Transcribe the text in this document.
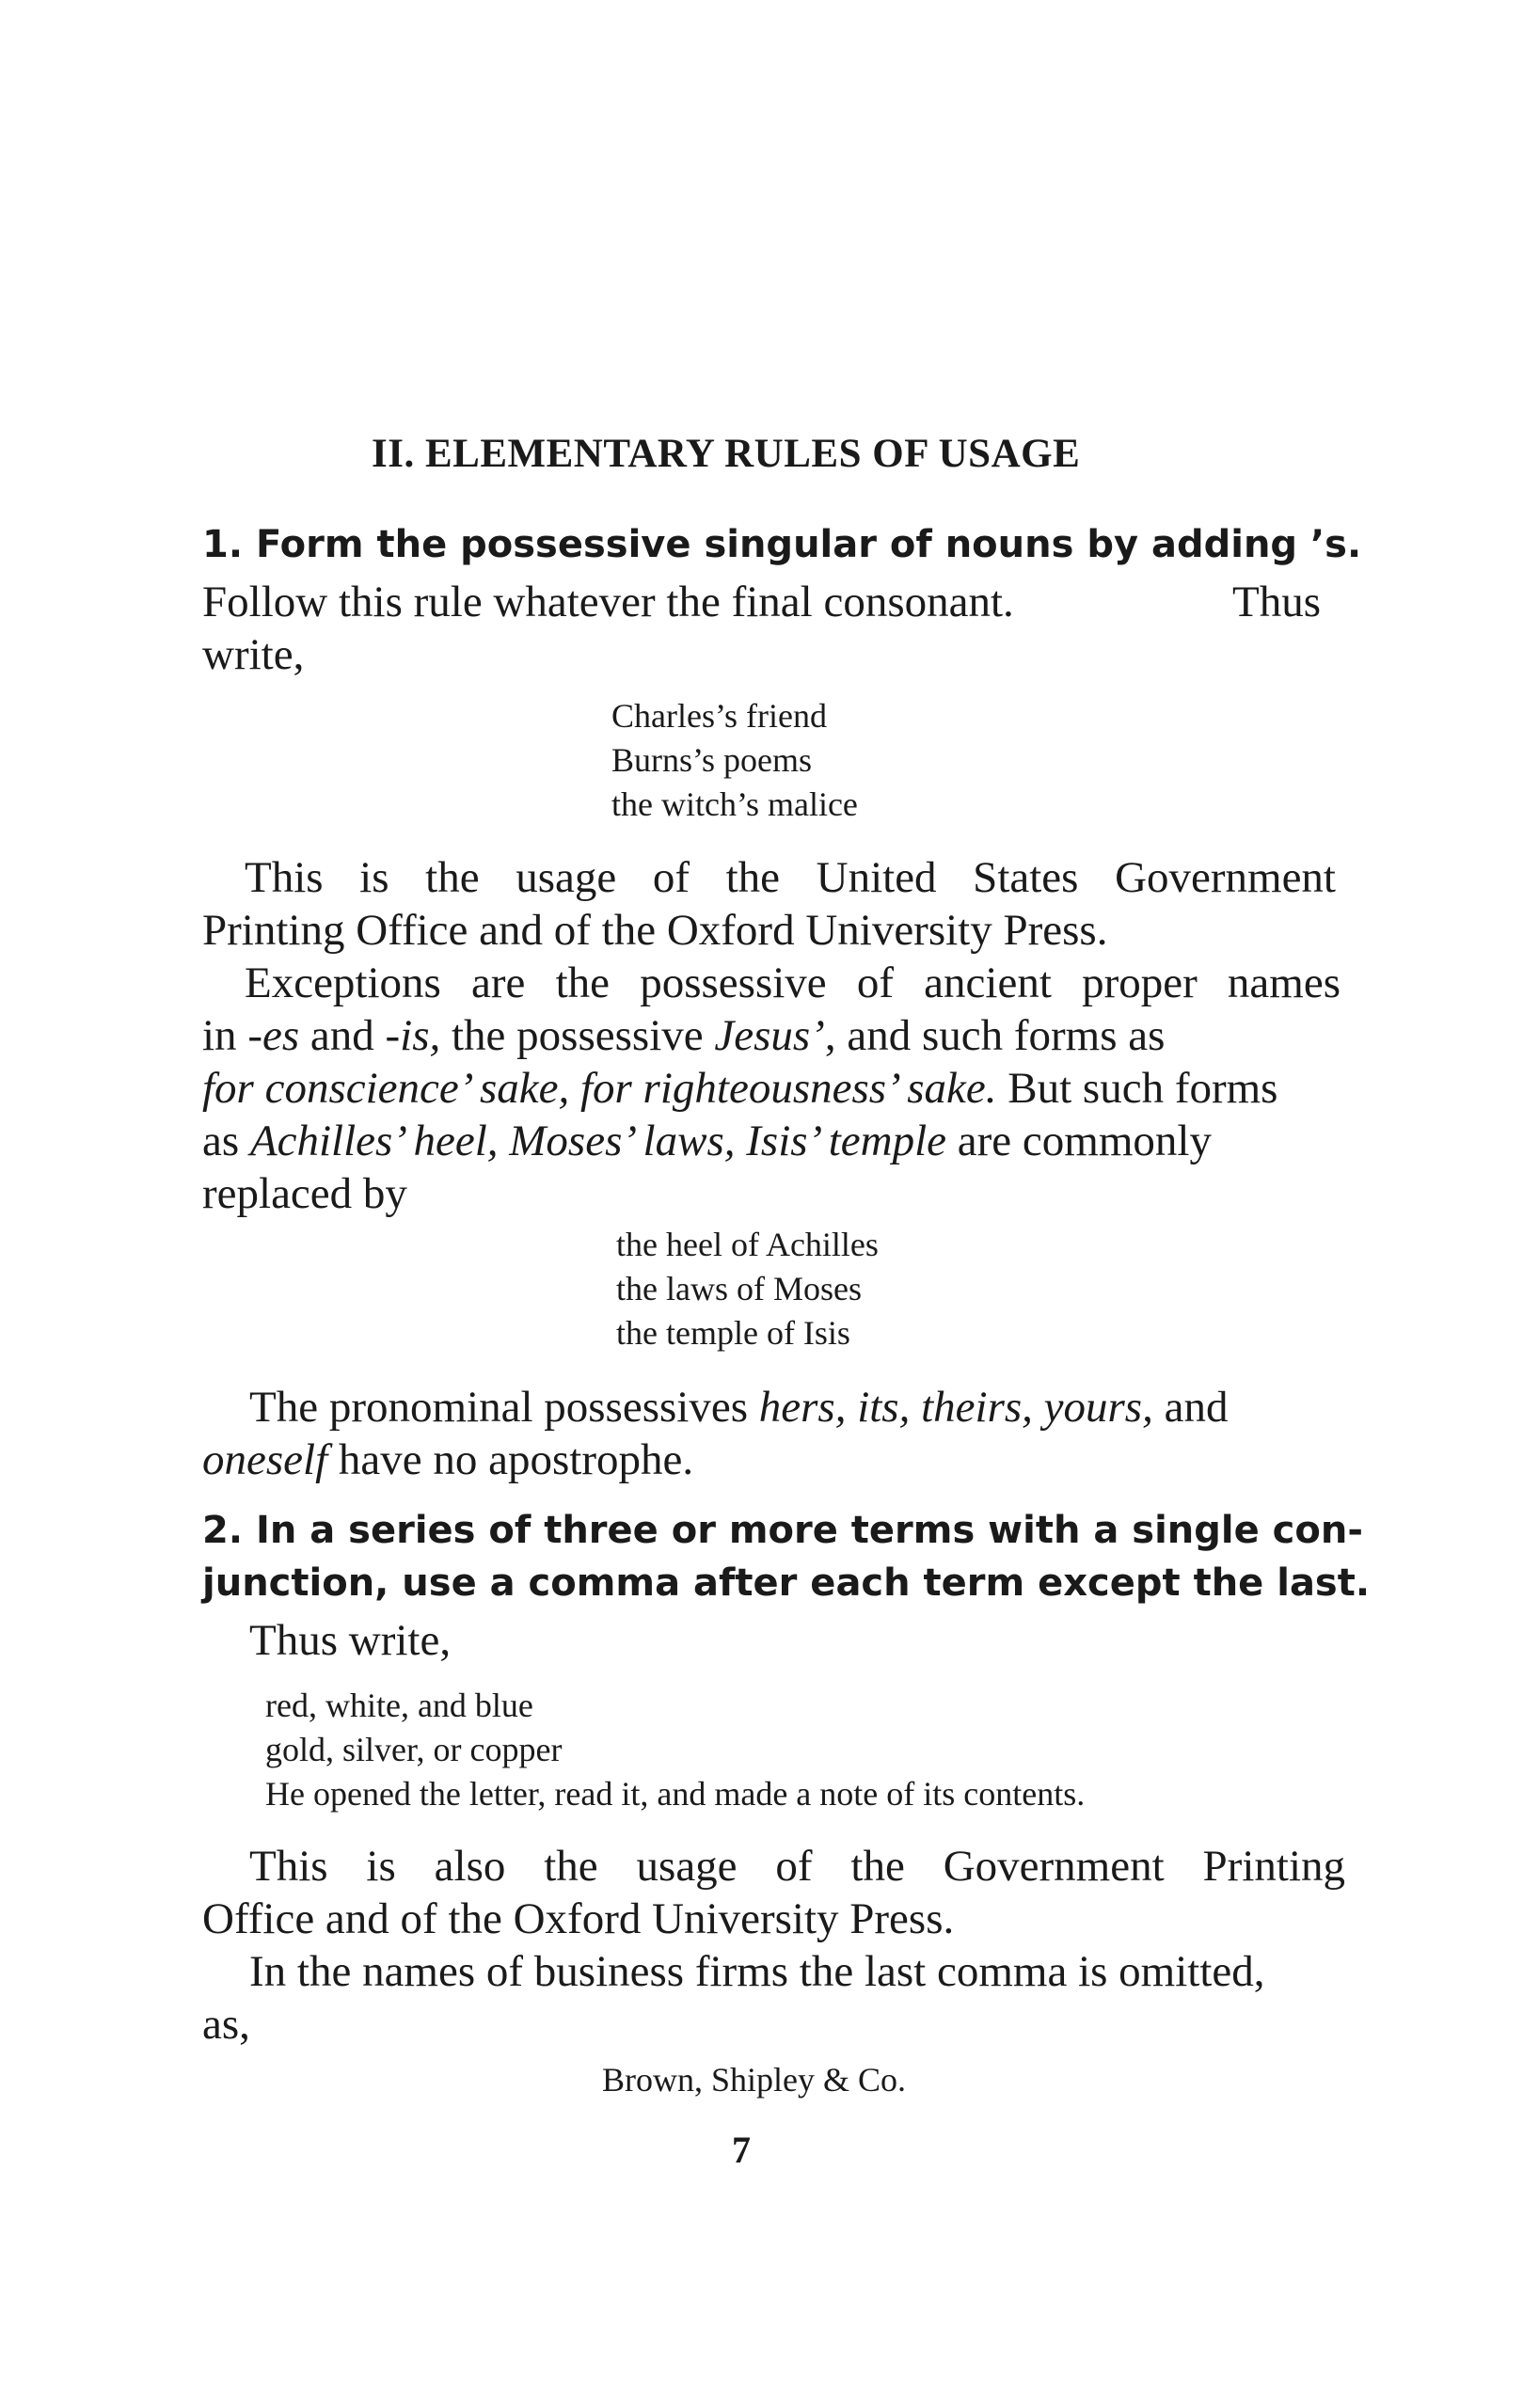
II. ELEMENTARY RULES OF USAGE
1. Form the possessive singular of nouns by adding ’s.
Follow this rule whatever the final consonant.	Thus
write,
Charles’s friend
Burns’s poems
the witch’s malice
This is the usage of the United States Government
Printing Office and of the Oxford University Press.
Exceptions are the possessive of ancient proper names
in -es and -is, the possessive Jesus’, and such forms as
for conscience’ sake, for righteousness’ sake. But such forms
as Achilles’ heel, Moses’ laws, Isis’ temple are commonly
replaced by
the heel of Achilles
the laws of Moses
the temple of Isis
The pronominal possessives hers, its, theirs, yours, and
oneself have no apostrophe.
2. In a series of three or more terms with a single con-
junction, use a comma after each term except the last.
Thus write,
red, white, and blue
gold, silver, or copper
He opened the letter, read it, and made a note of its contents.
This is also the usage of the Government Printing
Office and of the Oxford University Press.
In the names of business firms the last comma is omitted,
as,
Brown, Shipley & Co.
7
